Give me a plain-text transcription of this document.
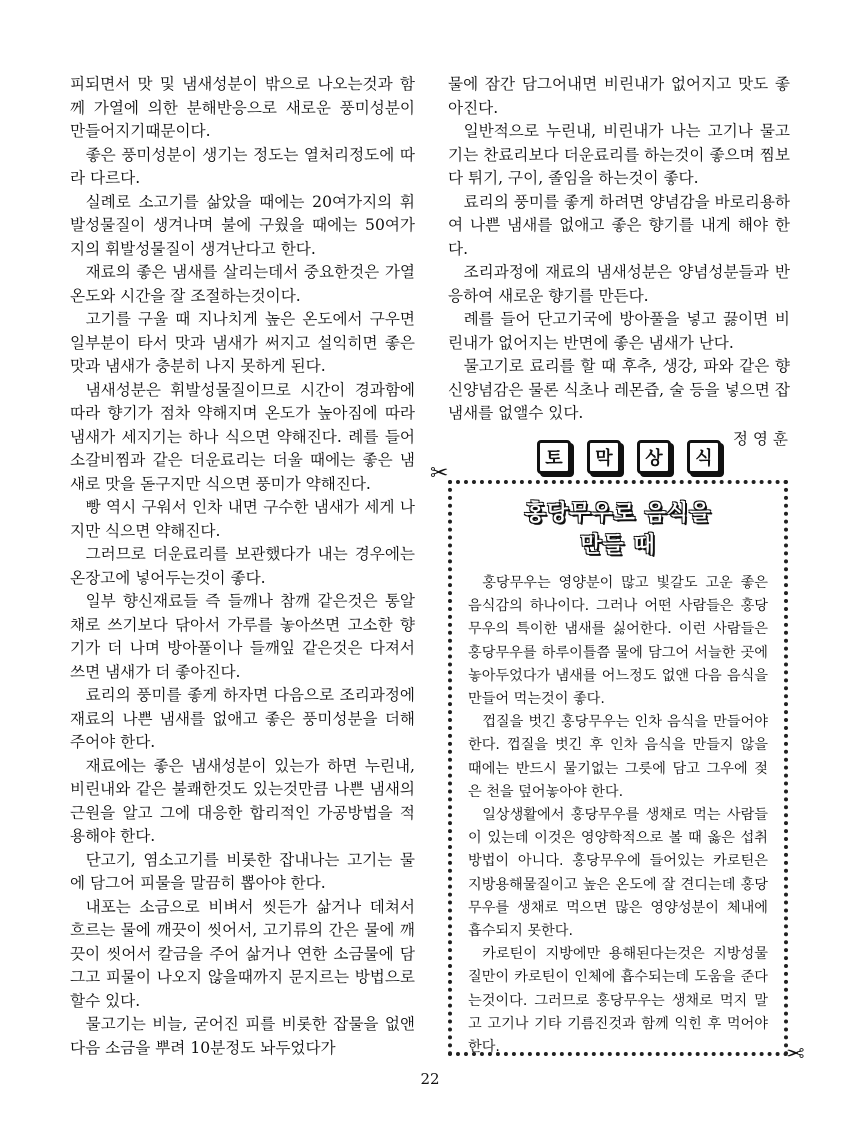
피되면서 맛 및 냄새성분이 밖으로 나오는것과 함께 가열에 의한 분해반응으로 새로운 풍미성분이 만들어지기때문이다.

좋은 풍미성분이 생기는 정도는 열처리정도에 따라 다르다.

실례로 소고기를 삶았을 때에는 20여가지의 휘발성물질이 생겨나며 불에 구웠을 때에는 50여가지의 휘발성물질이 생겨난다고 한다.

재료의 좋은 냄새를 살리는데서 중요한것은 가열온도와 시간을 잘 조절하는것이다.

고기를 구울 때 지나치게 높은 온도에서 구우면 일부분이 타서 맛과 냄새가 써지고 설익히면 좋은 맛과 냄새가 충분히 나지 못하게 된다.

냄새성분은 휘발성물질이므로 시간이 경과함에 따라 향기가 점차 약해지며 온도가 높아짐에 따라 냄새가 세지기는 하나 식으면 약해진다. 례를 들어 소갈비찜과 같은 더운료리는 더울 때에는 좋은 냄새로 맛을 돋구지만 식으면 풍미가 약해진다.

빵 역시 구워서 인차 내면 구수한 냄새가 세게 나지만 식으면 약해진다.

그러므로 더운료리를 보관했다가 내는 경우에는 온장고에 넣어두는것이 좋다.

일부 향신재료들 즉 들깨나 참깨 같은것은 통알채로 쓰기보다 닦아서 가루를 놓아쓰면 고소한 향기가 더 나며 방아풀이나 들깨잎 같은것은 다져서 쓰면 냄새가 더 좋아진다.

료리의 풍미를 좋게 하자면 다음으로 조리과정에 재료의 나쁜 냄새를 없애고 좋은 풍미성분을 더해주어야 한다.

재료에는 좋은 냄새성분이 있는가 하면 누린내, 비린내와 같은 불쾌한것도 있는것만큼 나쁜 냄새의 근원을 알고 그에 대응한 합리적인 가공방법을 적용해야 한다.

단고기, 염소고기를 비롯한 잡내나는 고기는 물에 담그어 피물을 말끔히 뽑아야 한다.

내포는 소금으로 비벼서 씻든가 삶거나 데쳐서 흐르는 물에 깨끗이 씻어서, 고기류의 간은 물에 깨끗이 씻어서 칼금을 주어 삶거나 연한 소금물에 담그고 피물이 나오지 않을때까지 문지르는 방법으로 할수 있다.

물고기는 비늘, 굳어진 피를 비롯한 잡물을 없앤 다음 소금을 뿌려 10분정도 놔두었다가

물에 잠간 담그어내면 비린내가 없어지고 맛도 좋아진다.

일반적으로 누린내, 비린내가 나는 고기나 물고기는 찬료리보다 더운료리를 하는것이 좋으며 찜보다 튀기, 구이, 졸임을 하는것이 좋다.

료리의 풍미를 좋게 하려면 양념감을 바로리용하여 나쁜 냄새를 없애고 좋은 향기를 내게 해야 한다.

조리과정에 재료의 냄새성분은 양념성분들과 반응하여 새로운 향기를 만든다.

례를 들어 단고기국에 방아풀을 넣고 끓이면 비린내가 없어지는 반면에 좋은 냄새가 난다.

물고기로 료리를 할 때 후추, 생강, 파와 같은 향신양념감은 물론 식초나 레몬즙, 술 등을 넣으면 잡냄새를 없앨수 있다.

정 영 훈
토	막	상	식
✂
홍당무우로 음식을
만들 때

홍당무우는 영양분이 많고 빛갈도 고운 좋은 음식감의 하나이다. 그러나 어떤 사람들은 홍당무우의 특이한 냄새를 싫어한다. 이런 사람들은 홍당무우를 하루이틀쯤 물에 담그어 서늘한 곳에 놓아두었다가 냄새를 어느정도 없앤 다음 음식을 만들어 먹는것이 좋다.

껍질을 벗긴 홍당무우는 인차 음식을 만들어야 한다. 껍질을 벗긴 후 인차 음식을 만들지 않을 때에는 반드시 물기없는 그릇에 담고 그우에 젖은 천을 덮어놓아야 한다.

일상생활에서 홍당무우를 생채로 먹는 사람들이 있는데 이것은 영양학적으로 볼 때 옳은 섭취방법이 아니다. 홍당무우에 들어있는 카로틴은 지방용해물질이고 높은 온도에 잘 견디는데 홍당무우를 생채로 먹으면 많은 영양성분이 체내에 흡수되지 못한다.

카로틴이 지방에만 용해된다는것은 지방성물질만이 카로틴이 인체에 흡수되는데 도움을 준다는것이다. 그러므로 홍당무우는 생채로 먹지 말고 고기나 기타 기름진것과 함께 익힌 후 먹어야 한다.	✂
22
